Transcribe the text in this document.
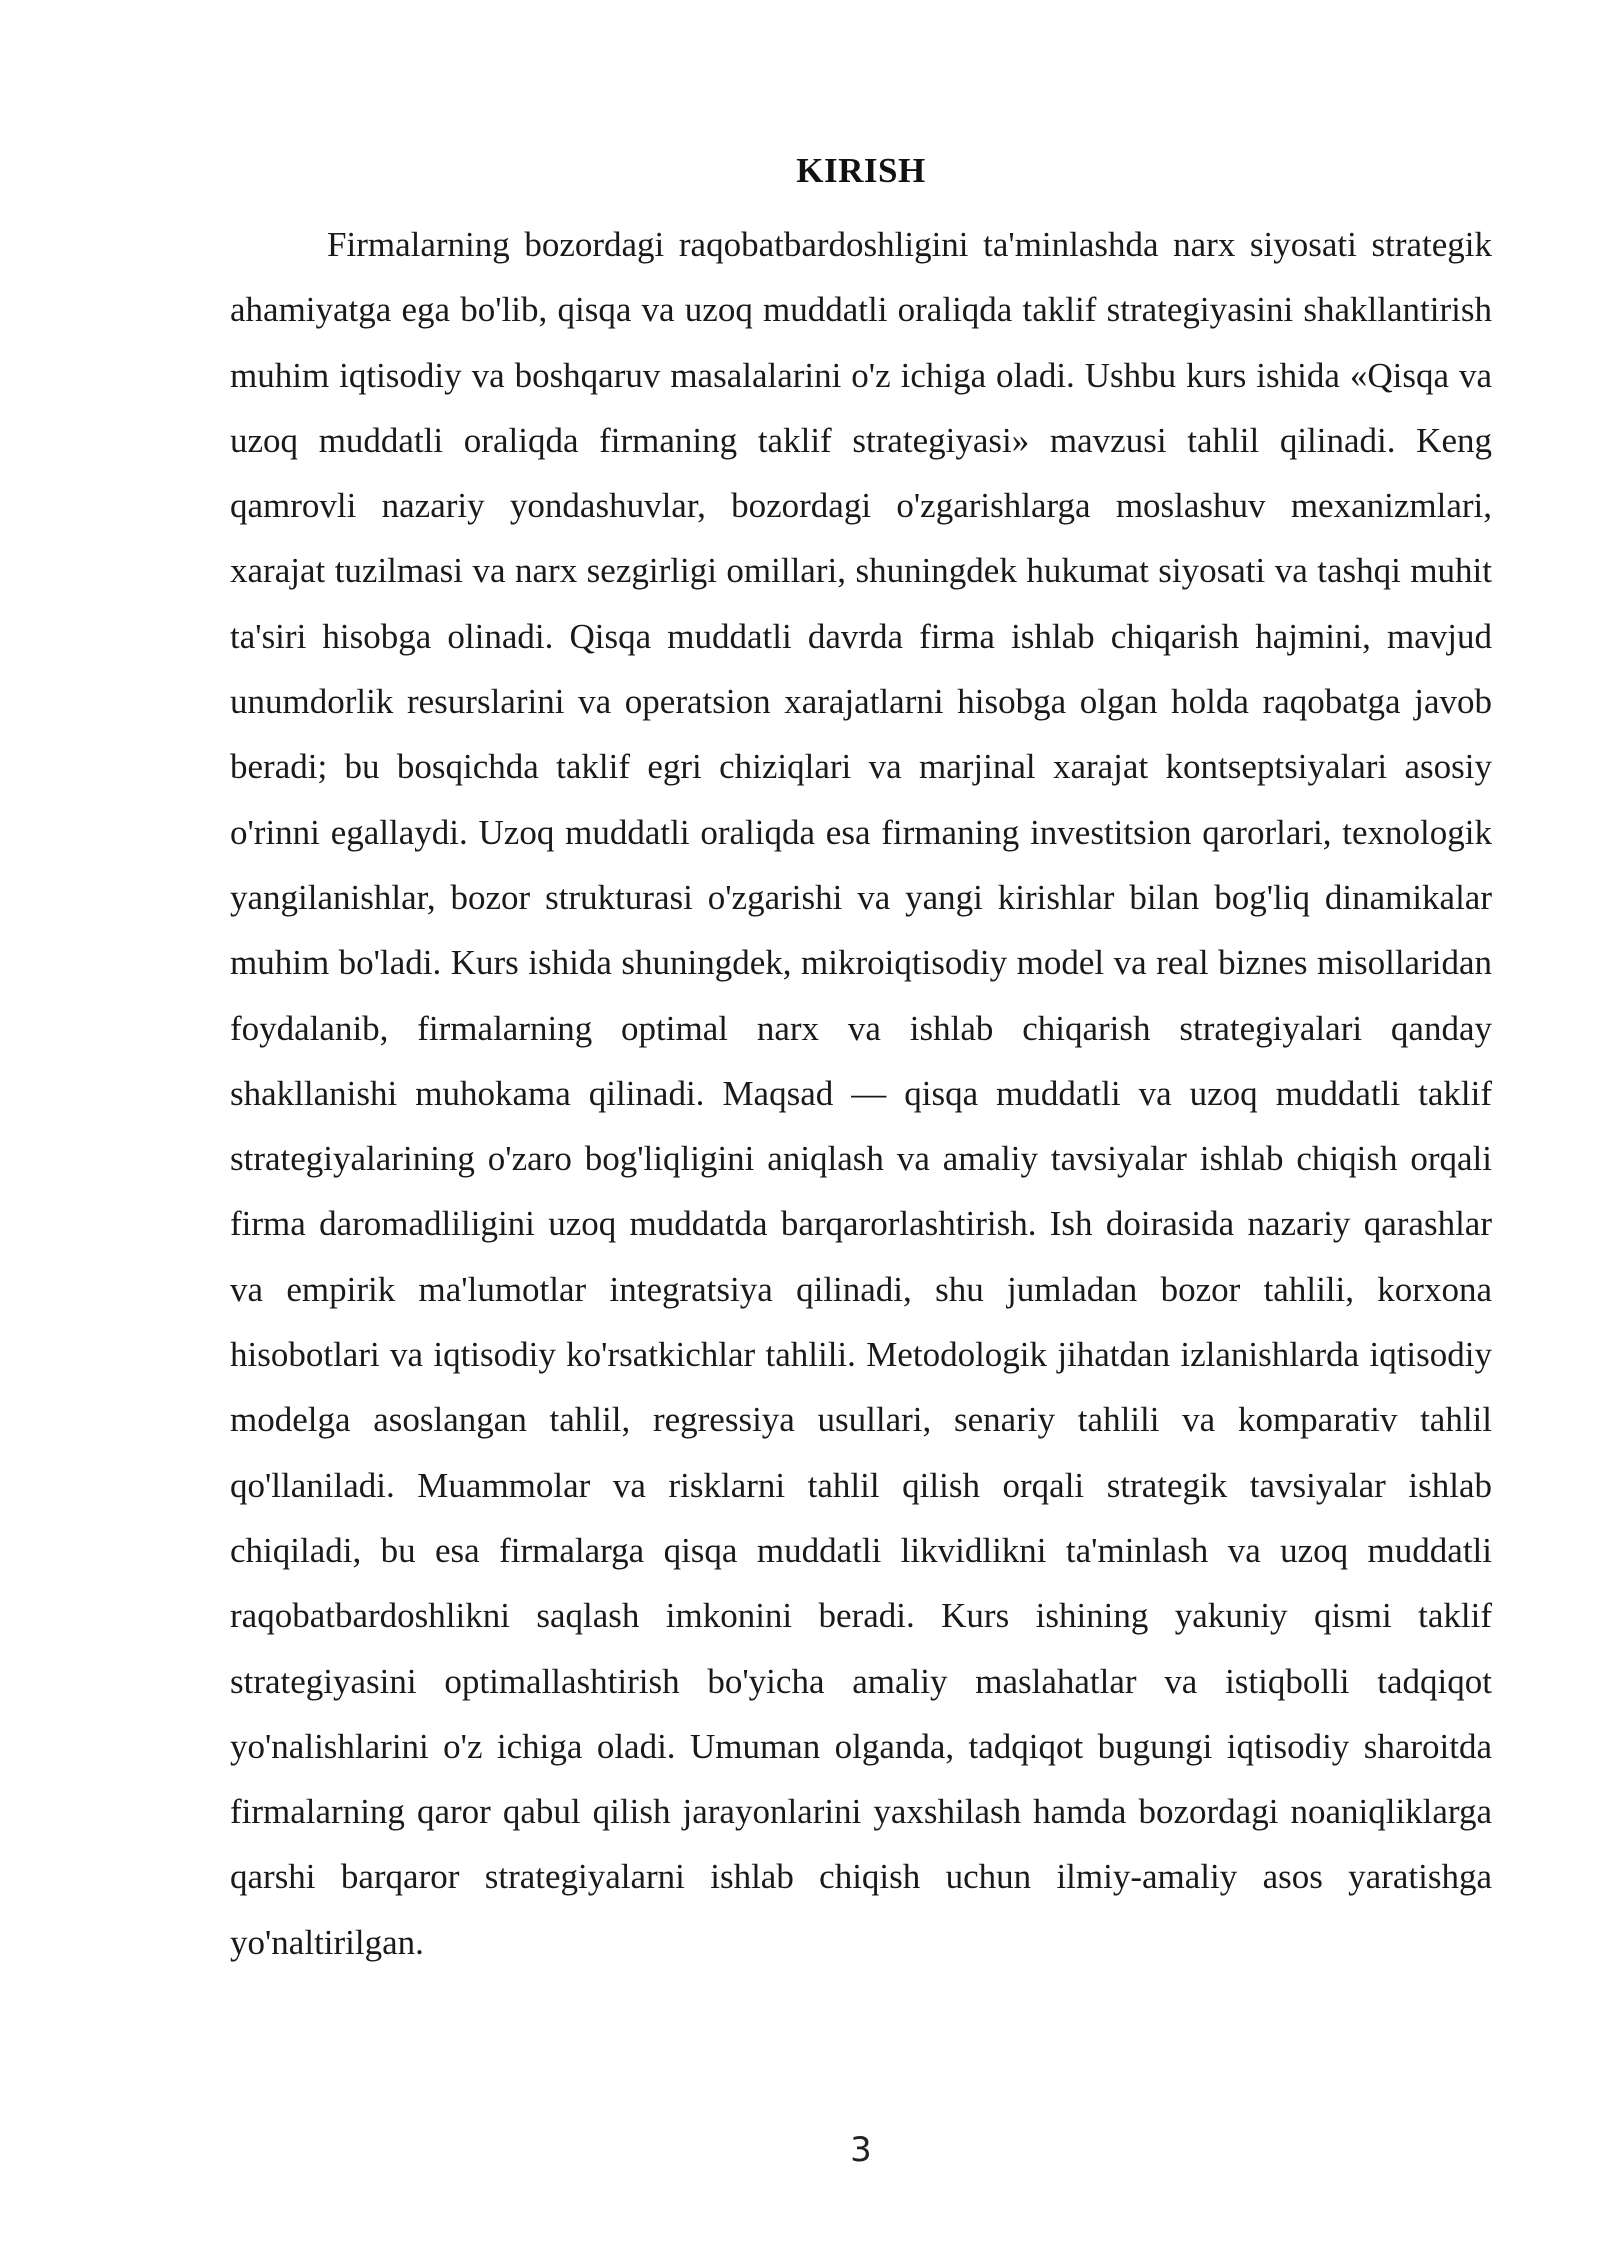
KIRISH

Firmalarning bozordagi raqobatbardoshligini ta'minlashda narx siyosati strategik ahamiyatga ega bo'lib, qisqa va uzoq muddatli oraliqda taklif strategiyasini shakllantirish muhim iqtisodiy va boshqaruv masalalarini o'z ichiga oladi. Ushbu kurs ishida «Qisqa va uzoq muddatli oraliqda firmaning taklif strategiyasi» mavzusi tahlil qilinadi. Keng qamrovli nazariy yondashuvlar, bozordagi o'zgarishlarga moslashuv mexanizmlari, xarajat tuzilmasi va narx sezgirligi omillari, shuningdek hukumat siyosati va tashqi muhit ta'siri hisobga olinadi. Qisqa muddatli davrda firma ishlab chiqarish hajmini, mavjud unumdorlik resurslarini va operatsion xarajatlarni hisobga olgan holda raqobatga javob beradi; bu bosqichda taklif egri chiziqlari va marjinal xarajat kontseptsiyalari asosiy o'rinni egallaydi. Uzoq muddatli oraliqda esa firmaning investitsion qarorlari, texnologik yangilanishlar, bozor strukturasi o'zgarishi va yangi kirishlar bilan bog'liq dinamikalar muhim bo'ladi. Kurs ishida shuningdek, mikroiqtisodiy model va real biznes misollaridan foydalanib, firmalarning optimal narx va ishlab chiqarish strategiyalari qanday shakllanishi muhokama qilinadi. Maqsad — qisqa muddatli va uzoq muddatli taklif strategiyalarining o'zaro bog'liqligini aniqlash va amaliy tavsiyalar ishlab chiqish orqali firma daromadliligini uzoq muddatda barqarorlashtirish. Ish doirasida nazariy qarashlar va empirik ma'lumotlar integratsiya qilinadi, shu jumladan bozor tahlili, korxona hisobotlari va iqtisodiy ko'rsatkichlar tahlili. Metodologik jihatdan izlanishlarda iqtisodiy modelga asoslangan tahlil, regressiya usullari, senariy tahlili va komparativ tahlil qo'llaniladi. Muammolar va risklarni tahlil qilish orqali strategik tavsiyalar ishlab chiqiladi, bu esa firmalarga qisqa muddatli likvidlikni ta'minlash va uzoq muddatli raqobatbardoshlikni saqlash imkonini beradi. Kurs ishining yakuniy qismi taklif strategiyasini optimallashtirish bo'yicha amaliy maslahatlar va istiqbolli tadqiqot yo'nalishlarini o'z ichiga oladi. Umuman olganda, tadqiqot bugungi iqtisodiy sharoitda firmalarning qaror qabul qilish jarayonlarini yaxshilash hamda bozordagi noaniqliklarga qarshi barqaror strategiyalarni ishlab chiqish uchun ilmiy-amaliy asos yaratishga yo'naltirilgan.

3
